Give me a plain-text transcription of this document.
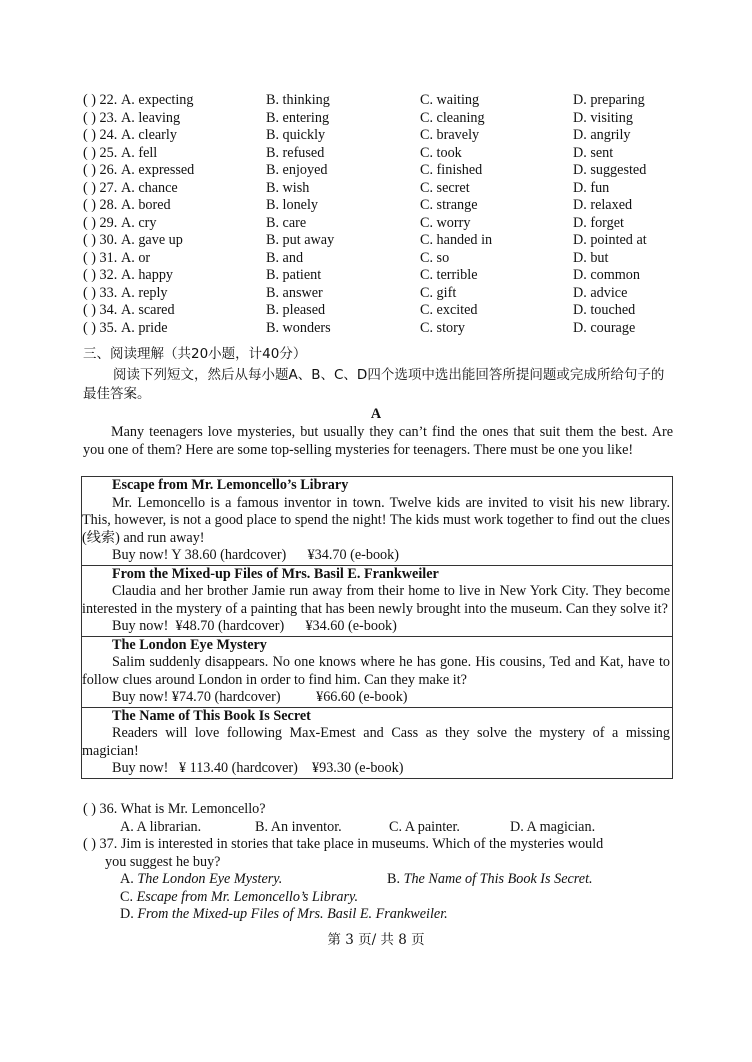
( ) 22. A. expecting	B. thinking	C. waiting	D. preparing
( ) 23. A. leaving	B. entering	C. cleaning	D. visiting
( ) 24. A. clearly	B. quickly	C. bravely	D. angrily
( ) 25. A. fell	B. refused	C. took	D. sent
( ) 26. A. expressed	B. enjoyed	C. finished	D. suggested
( ) 27. A. chance	B. wish	C. secret	D. fun
( ) 28. A. bored	B. lonely	C. strange	D. relaxed
( ) 29. A. cry	B. care	C. worry	D. forget
( ) 30. A. gave up	B. put away	C. handed in	D. pointed at
( ) 31. A. or	B. and	C. so	D. but
( ) 32. A. happy	B. patient	C. terrible	D. common
( ) 33. A. reply	B. answer	C. gift	D. advice
( ) 34. A. scared	B. pleased	C. excited	D. touched
( ) 35. A. pride	B. wonders	C. story	D. courage
三、阅读理解（共20小题，计40分）
阅读下列短文，然后从每小题A、B、C、D四个选项中选出能回答所提问题或完成所给句子的最佳答案。
A
Many teenagers love mysteries, but usually they can’t find the ones that suit them the best. Are you one of them? Here are some top-selling mysteries for teenagers. There must be one you like!
Escape from Mr. Lemoncello’s Library
Mr. Lemoncello is a famous inventor in town. Twelve kids are invited to visit his new library. This, however, is not a good place to spend the night! The kids must work together to find out the clues (线索) and run away!
Buy now! Y 38.60 (hardcover)      ¥34.70 (e-book)
From the Mixed-up Files of Mrs. Basil E. Frankweiler
Claudia and her brother Jamie run away from their home to live in New York City. They become interested in the mystery of a painting that has been newly brought into the museum. Can they solve it?
Buy now!  ¥48.70 (hardcover)      ¥34.60 (e-book)
The London Eye Mystery
Salim suddenly disappears. No one knows where he has gone. His cousins, Ted and Kat, have to follow clues around London in order to find him. Can they make it?
Buy now! ¥74.70 (hardcover)          ¥66.60 (e-book)
The Name of This Book Is Secret
Readers will love following Max-Emest and Cass as they solve the mystery of a missing magician!
Buy now!   ¥ 113.40 (hardcover)    ¥93.30 (e-book)
( ) 36. What is Mr. Lemoncello?
A. A librarian.	B. An inventor.	C. A painter.	D. A magician.
( ) 37. Jim is interested in stories that take place in museums. Which of the mysteries would
you suggest he buy?
A. The London Eye Mystery.	B. The Name of This Book Is Secret.
C. Escape from Mr. Lemoncello’s Library.
D. From the Mixed-up Files of Mrs. Basil E. Frankweiler.
第 3 页/ 共 8 页
